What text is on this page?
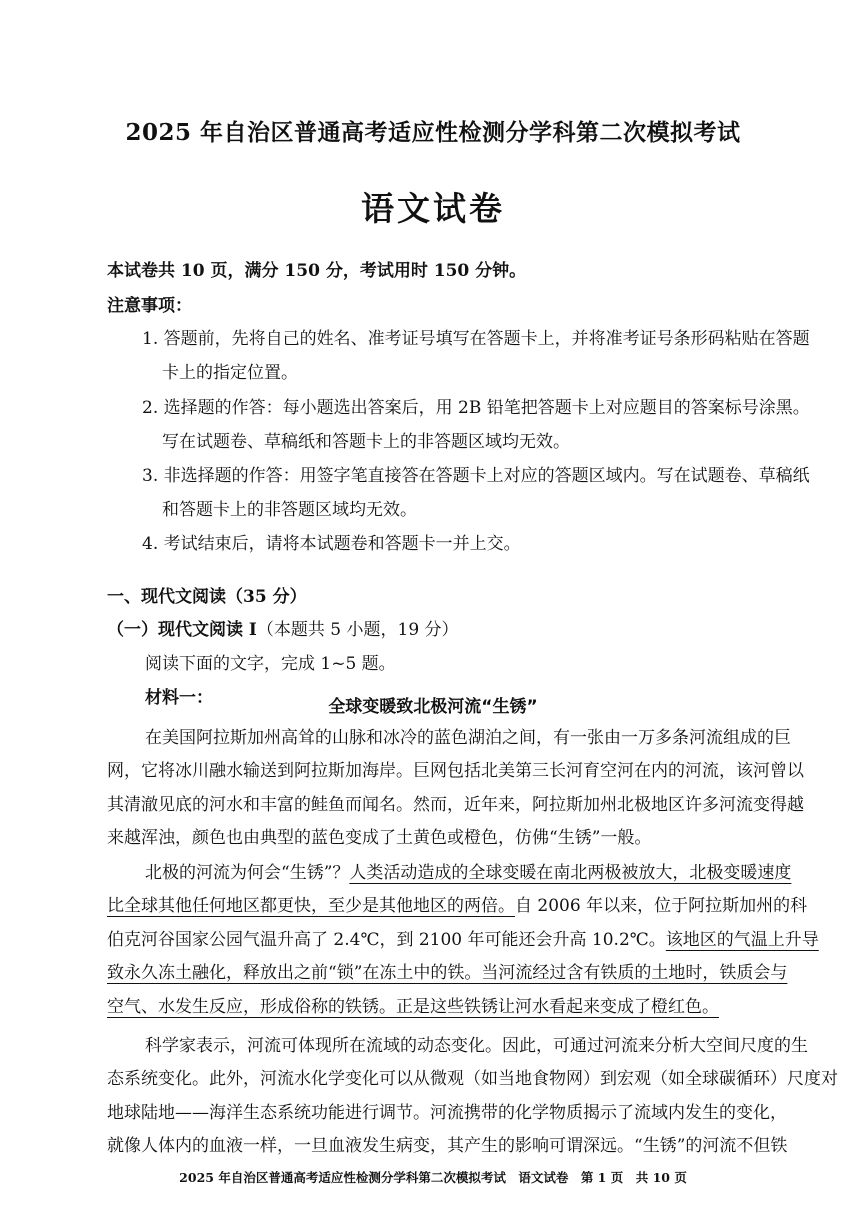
2025 年自治区普通高考适应性检测分学科第二次模拟考试
语文试卷
本试卷共 10 页，满分 150 分，考试用时 150 分钟。
注意事项：
1. 答题前，先将自己的姓名、准考证号填写在答题卡上，并将准考证号条形码粘贴在答题
卡上的指定位置。
2. 选择题的作答：每小题选出答案后，用 2B 铅笔把答题卡上对应题目的答案标号涂黑。
写在试题卷、草稿纸和答题卡上的非答题区域均无效。
3. 非选择题的作答：用签字笔直接答在答题卡上对应的答题区域内。写在试题卷、草稿纸
和答题卡上的非答题区域均无效。
4. 考试结束后，请将本试题卷和答题卡一并上交。
一、现代文阅读（35 分）
（一）现代文阅读 Ⅰ（本题共 5 小题，19 分）
阅读下面的文字，完成 1~5 题。
材料一：	全球变暖致北极河流“生锈”
在美国阿拉斯加州高耸的山脉和冰冷的蓝色湖泊之间，有一张由一万多条河流组成的巨
网，它将冰川融水输送到阿拉斯加海岸。巨网包括北美第三长河育空河在内的河流，该河曾以
其清澈见底的河水和丰富的鲑鱼而闻名。然而，近年来，阿拉斯加州北极地区许多河流变得越
来越浑浊，颜色也由典型的蓝色变成了土黄色或橙色，仿佛“生锈”一般。
北极的河流为何会“生锈”？人类活动造成的全球变暖在南北两极被放大，北极变暖速度
比全球其他任何地区都更快，至少是其他地区的两倍。自 2006 年以来，位于阿拉斯加州的科
伯克河谷国家公园气温升高了 2.4℃，到 2100 年可能还会升高 10.2℃。该地区的气温上升导
致永久冻土融化，释放出之前“锁”在冻土中的铁。当河流经过含有铁质的土地时，铁质会与
空气、水发生反应，形成俗称的铁锈。正是这些铁锈让河水看起来变成了橙红色。
科学家表示，河流可体现所在流域的动态变化。因此，可通过河流来分析大空间尺度的生
态系统变化。此外，河流水化学变化可以从微观（如当地食物网）到宏观（如全球碳循环）尺度对
地球陆地——海洋生态系统功能进行调节。河流携带的化学物质揭示了流域内发生的变化，
就像人体内的血液一样，一旦血液发生病变，其产生的影响可谓深远。“生锈”的河流不但铁
2025 年自治区普通高考适应性检测分学科第二次模拟考试　语文试卷　第 1 页　共 10 页
